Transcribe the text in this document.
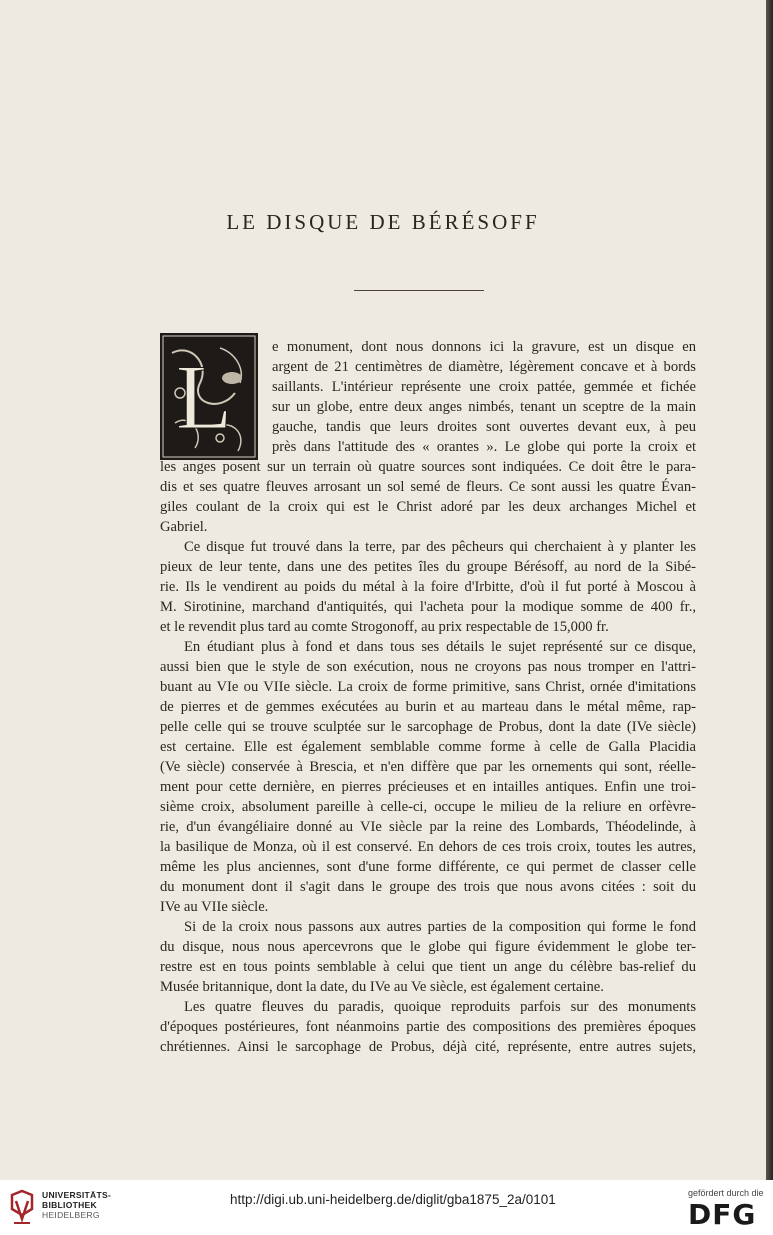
LE DISQUE DE BÉRÉSOFF
L	e monument, dont nous donnons ici la gravure, est un disque en
argent de 21 centimètres de diamètre, légèrement concave et à bords
saillants. L'intérieur représente une croix pattée, gemmée et fichée
sur un globe, entre deux anges nimbés, tenant un sceptre de la main
gauche, tandis que leurs droites sont ouvertes devant eux, à peu
près dans l'attitude des « orantes ». Le globe qui porte la croix et
les anges posent sur un terrain où quatre sources sont indiquées. Ce doit être le para-
dis et ses quatre fleuves arrosant un sol semé de fleurs. Ce sont aussi les quatre Évan-
giles coulant de la croix qui est le Christ adoré par les deux archanges Michel et
Gabriel.
Ce disque fut trouvé dans la terre, par des pêcheurs qui cherchaient à y planter les
pieux de leur tente, dans une des petites îles du groupe Bérésoff, au nord de la Sibé-
rie. Ils le vendirent au poids du métal à la foire d'Irbitte, d'où il fut porté à Moscou à
M. Sirotinine, marchand d'antiquités, qui l'acheta pour la modique somme de 400 fr.,
et le revendit plus tard au comte Strogonoff, au prix respectable de 15,000 fr.
En étudiant plus à fond et dans tous ses détails le sujet représenté sur ce disque,
aussi bien que le style de son exécution, nous ne croyons pas nous tromper en l'attri-
buant au VIe ou VIIe siècle. La croix de forme primitive, sans Christ, ornée d'imitations
de pierres et de gemmes exécutées au burin et au marteau dans le métal même, rap-
pelle celle qui se trouve sculptée sur le sarcophage de Probus, dont la date (IVe siècle)
est certaine. Elle est également semblable comme forme à celle de Galla Placidia
(Ve siècle) conservée à Brescia, et n'en diffère que par les ornements qui sont, réelle-
ment pour cette dernière, en pierres précieuses et en intailles antiques. Enfin une troi-
sième croix, absolument pareille à celle-ci, occupe le milieu de la reliure en orfèvre-
rie, d'un évangéliaire donné au VIe siècle par la reine des Lombards, Théodelinde, à
la basilique de Monza, où il est conservé. En dehors de ces trois croix, toutes les autres,
même les plus anciennes, sont d'une forme différente, ce qui permet de classer celle
du monument dont il s'agit dans le groupe des trois que nous avons citées : soit du
IVe au VIIe siècle.
Si de la croix nous passons aux autres parties de la composition qui forme le fond
du disque, nous nous apercevrons que le globe qui figure évidemment le globe ter-
restre est en tous points semblable à celui que tient un ange du célèbre bas-relief du
Musée britannique, dont la date, du IVe au Ve siècle, est également certaine.
Les quatre fleuves du paradis, quoique reproduits parfois sur des monuments
d'époques postérieures, font néanmoins partie des compositions des premières époques
chrétiennes. Ainsi le sarcophage de Probus, déjà cité, représente, entre autres sujets,
UNIVERSITÄTS-
BIBLIOTHEK
HEIDELBERG
http://digi.ub.uni-heidelberg.de/diglit/gba1875_2a/0101	gefördert durch die
DFG
